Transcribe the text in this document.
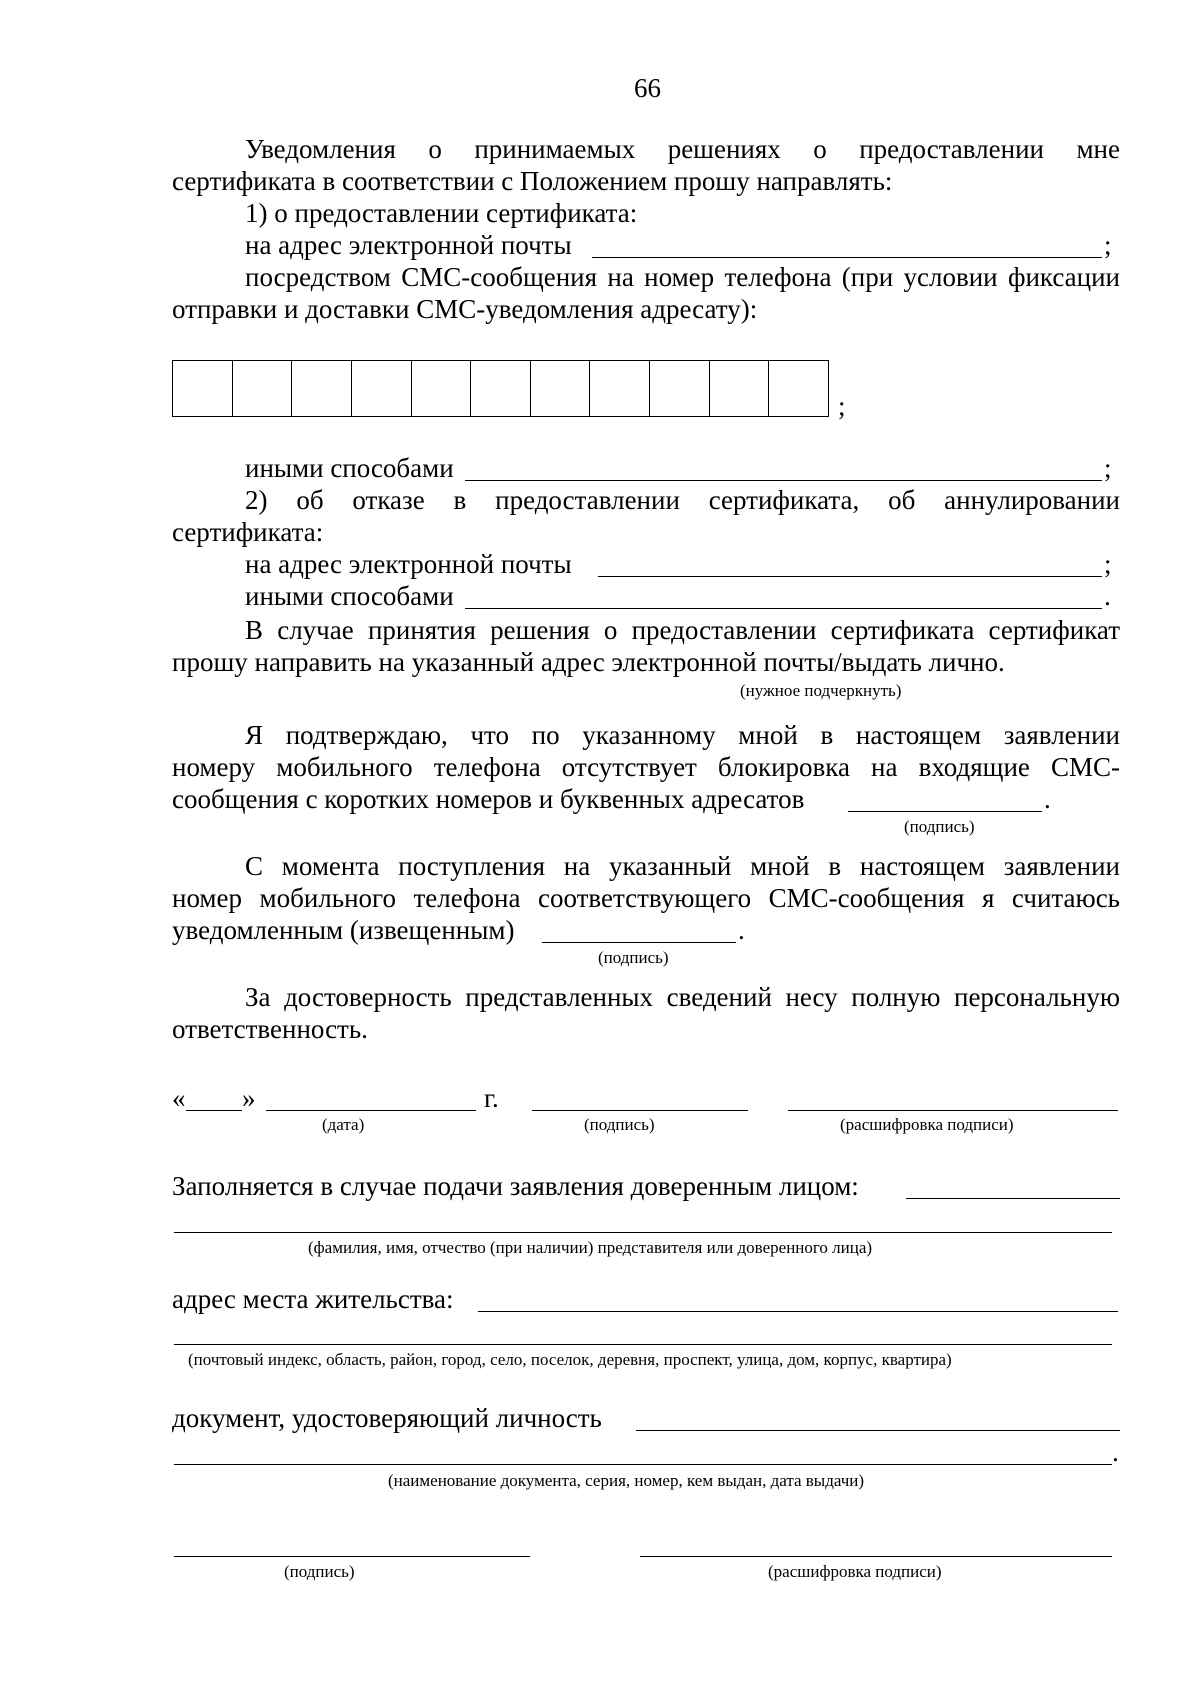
66
Уведомления о принимаемых решениях о предоставлении мне
сертификата в соответствии с Положением прошу направлять:
1) о предоставлении сертификата:
на адрес электронной почты	;
посредством СМС-сообщения на номер телефона (при условии фиксации
отправки и доставки СМС-уведомления адресату):
;
иными способами	;
2) об отказе в предоставлении сертификата, об аннулировании
сертификата:
на адрес электронной почты	;
иными способами	.
В случае принятия решения о предоставлении сертификата сертификат
прошу направить на указанный адрес электронной почты/выдать лично.
(нужное подчеркнуть)
Я подтверждаю, что по указанному мной в настоящем заявлении
номеру мобильного телефона отсутствует блокировка на входящие СМС-
сообщения с коротких номеров и буквенных адресатов	.
(подпись)
С момента поступления на указанный мной в настоящем заявлении
номер мобильного телефона соответствующего СМС-сообщения я считаюсь
уведомленным (извещенным)	.
(подпись)
За достоверность представленных сведений несу полную персональную
ответственность.
« »	г.
(дата)	(подпись)	(расшифровка подписи)
Заполняется в случае подачи заявления доверенным лицом:
(фамилия, имя, отчество (при наличии) представителя или доверенного лица)
адрес места жительства:
(почтовый индекс, область, район, город, село, поселок, деревня, проспект, улица, дом, корпус, квартира)
документ, удостоверяющий личность
.
(наименование документа, серия, номер, кем выдан, дата выдачи)
(подпись)	(расшифровка подписи)
